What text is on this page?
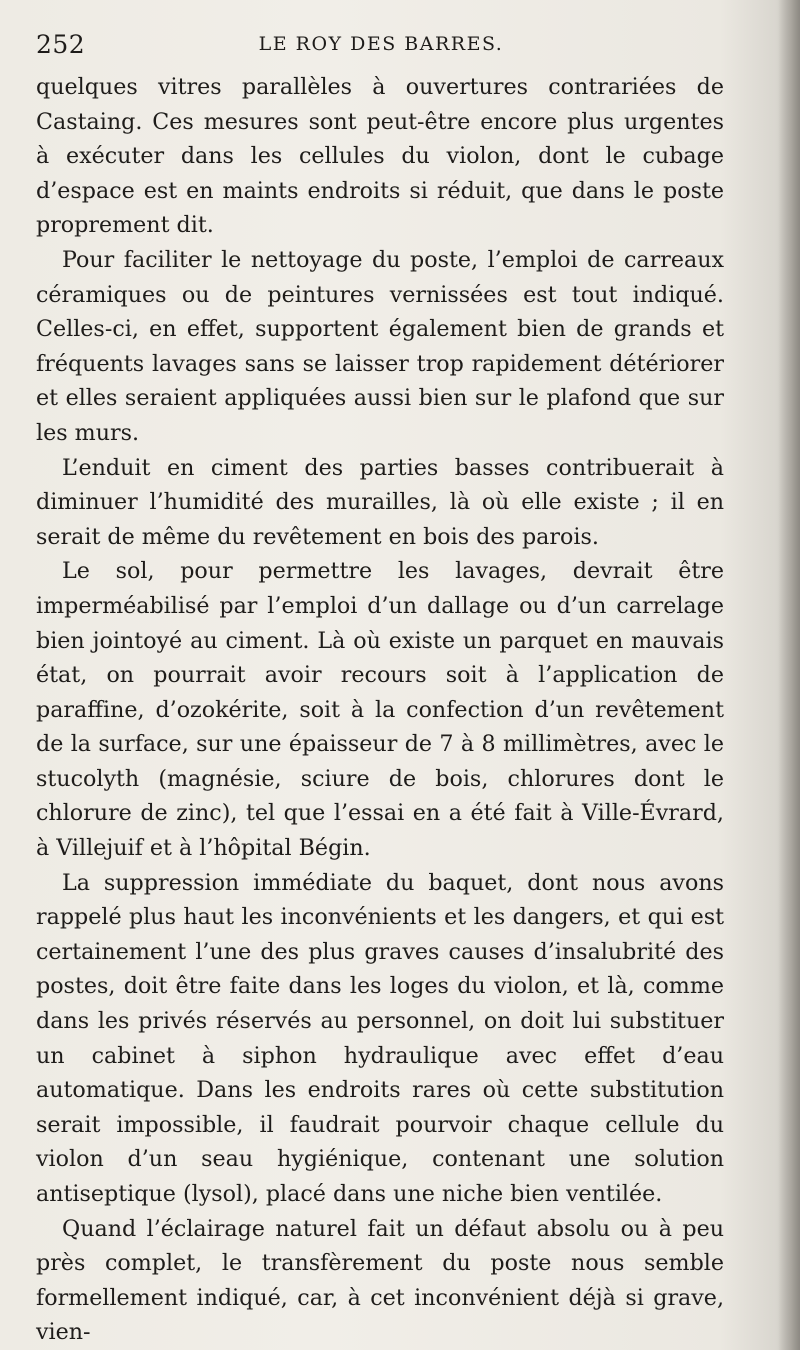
252	LE ROY DES BARRES.

quelques vitres parallèles à ouvertures contrariées de Castaing. Ces mesures sont peut-être encore plus urgentes à exécuter dans les cellules du violon, dont le cubage d’espace est en maints endroits si réduit, que dans le poste proprement dit.

Pour faciliter le nettoyage du poste, l’emploi de carreaux céramiques ou de peintures vernissées est tout indiqué. Celles-ci, en effet, supportent également bien de grands et fréquents lavages sans se laisser trop rapidement détériorer et elles seraient appliquées aussi bien sur le plafond que sur les murs.

L’enduit en ciment des parties basses contribuerait à diminuer l’humidité des murailles, là où elle existe ; il en serait de même du revêtement en bois des parois.

Le sol, pour permettre les lavages, devrait être imperméabilisé par l’emploi d’un dallage ou d’un carrelage bien jointoyé au ciment. Là où existe un parquet en mauvais état, on pourrait avoir recours soit à l’application de paraffine, d’ozokérite, soit à la confection d’un revêtement de la surface, sur une épaisseur de 7 à 8 millimètres, avec le stucolyth (magnésie, sciure de bois, chlorures dont le chlorure de zinc), tel que l’essai en a été fait à Ville-Évrard, à Villejuif et à l’hôpital Bégin.

La suppression immédiate du baquet, dont nous avons rappelé plus haut les inconvénients et les dangers, et qui est certainement l’une des plus graves causes d’insalubrité des postes, doit être faite dans les loges du violon, et là, comme dans les privés réservés au personnel, on doit lui substituer un cabinet à siphon hydraulique avec effet d’eau automatique. Dans les endroits rares où cette substitution serait impossible, il faudrait pourvoir chaque cellule du violon d’un seau hygiénique, contenant une solution antiseptique (lysol), placé dans une niche bien ventilée.

Quand l’éclairage naturel fait un défaut absolu ou à peu près complet, le transfèrement du poste nous semble formellement indiqué, car, à cet inconvénient déjà si grave, vien-
